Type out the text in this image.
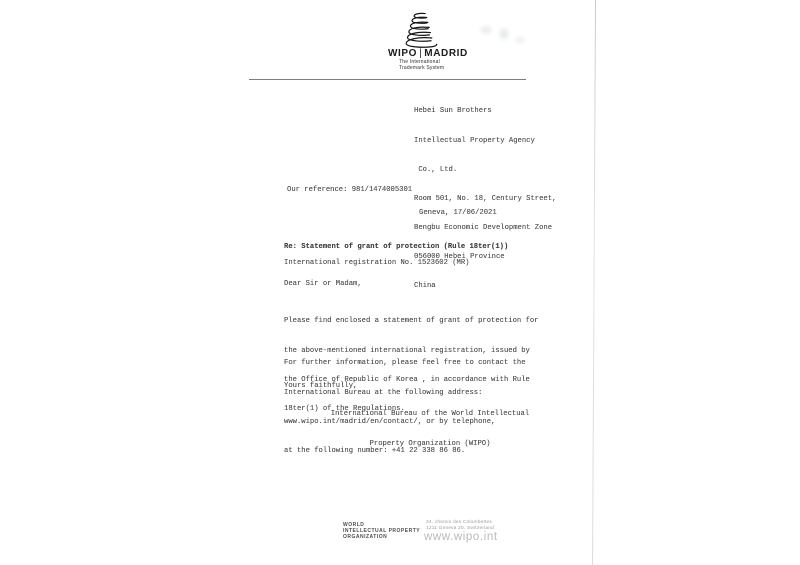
WIPO | MADRID
The International
Trademark System

Hebei Sun Brothers

Intellectual Property Agency

Co., Ltd.

Room 501, No. 18, Century Street,

Bengbu Economic Development Zone

056000 Hebei Province

China

Our reference: 981/1474005301
Geneva, 17/06/2021
Re: Statement of grant of protection (Rule 18ter(1))
International registration No. 1523602 (MR)
Dear Sir or Madam,

Please find enclosed a statement of grant of protection for

the above-mentioned international registration, issued by

the Office of Republic of Korea , in accordance with Rule

18ter(1) of the Regulations.

For further information, please feel free to contact the

International Bureau at the following address:

www.wipo.int/madrid/en/contact/, or by telephone,

at the following number: +41 22 338 86 86.

Yours faithfully,

International Bureau of the World Intellectual

Property Organization (WIPO)

WORLD
INTELLECTUAL PROPERTY
ORGANIZATION
34, chemin des Colombettes
1211 Geneva 20, Switzerland
www.wipo.int
